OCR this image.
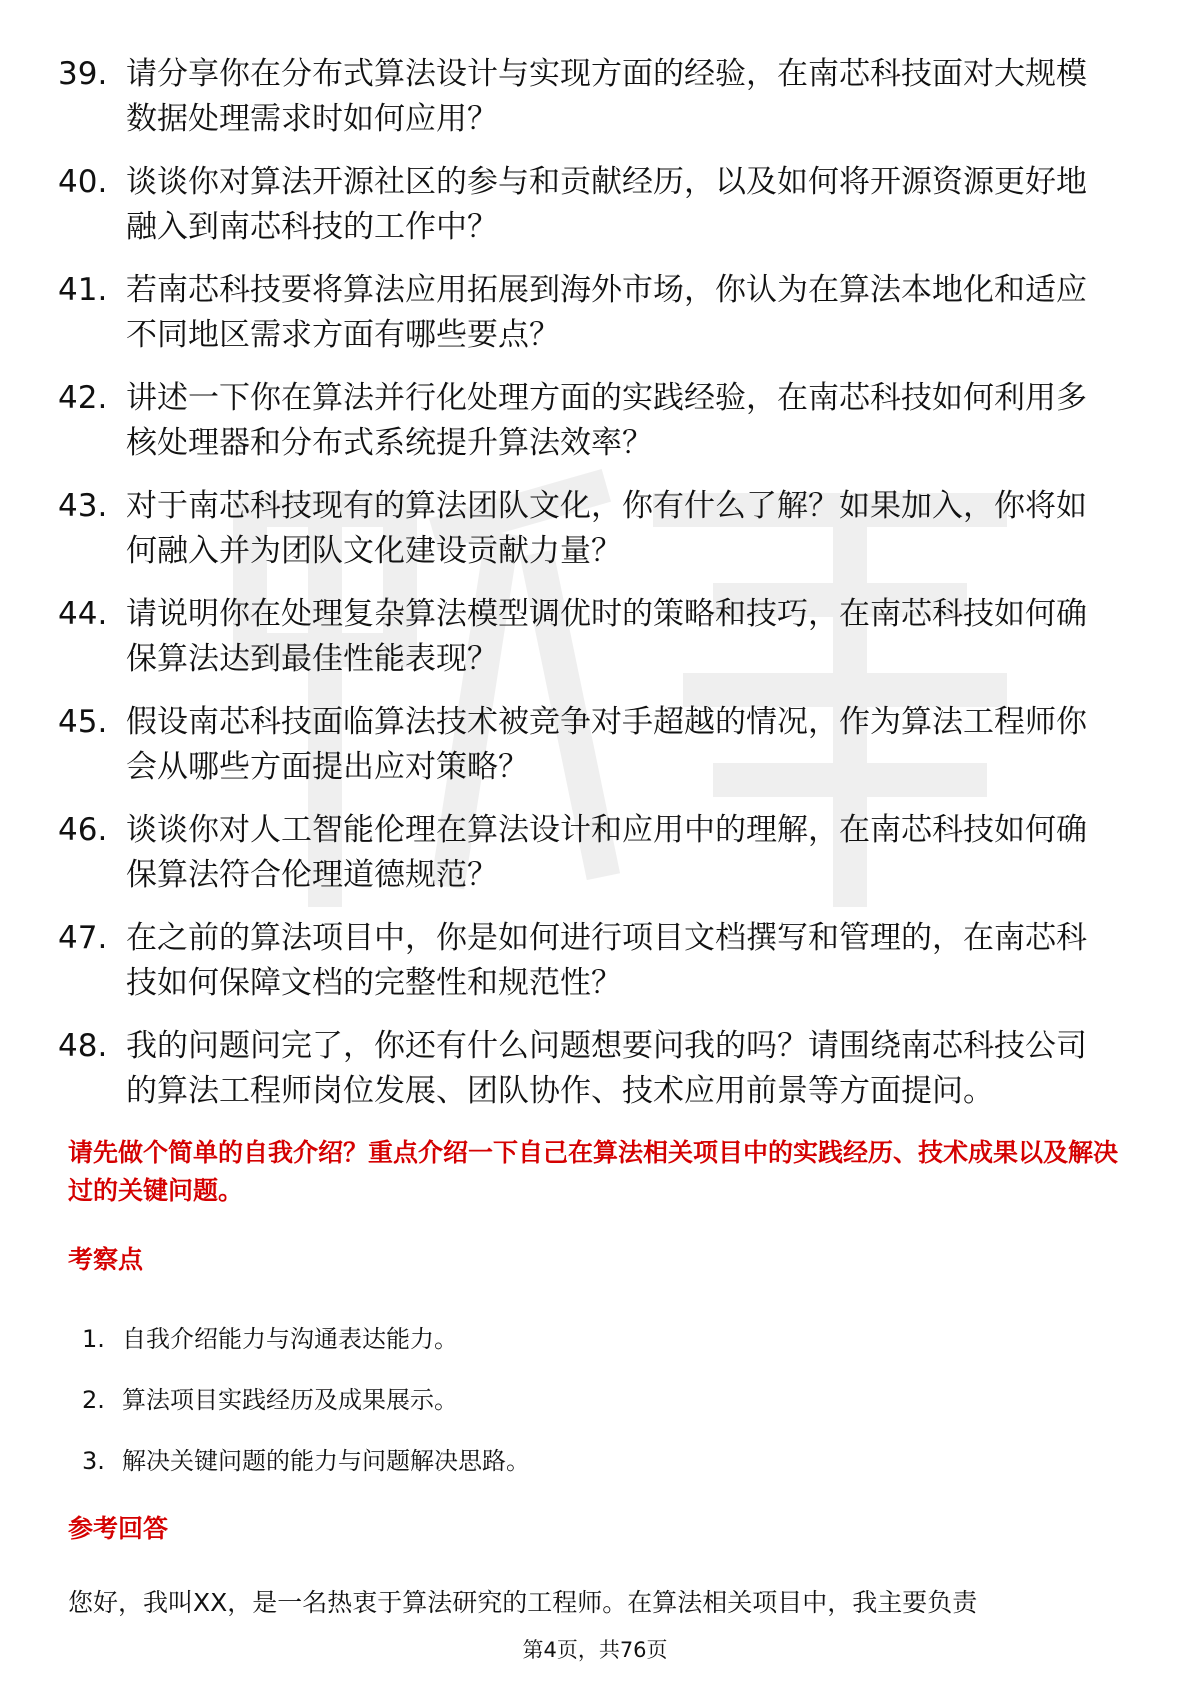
39. 请分享你在分布式算法设计与实现方面的经验，在南芯科技面对大规模数据处理需求时如何应用？
40. 谈谈你对算法开源社区的参与和贡献经历，以及如何将开源资源更好地融入到南芯科技的工作中？
41. 若南芯科技要将算法应用拓展到海外市场，你认为在算法本地化和适应不同地区需求方面有哪些要点？
42. 讲述一下你在算法并行化处理方面的实践经验，在南芯科技如何利用多核处理器和分布式系统提升算法效率？
43. 对于南芯科技现有的算法团队文化，你有什么了解？如果加入，你将如何融入并为团队文化建设贡献力量？
44. 请说明你在处理复杂算法模型调优时的策略和技巧，在南芯科技如何确保算法达到最佳性能表现？
45. 假设南芯科技面临算法技术被竞争对手超越的情况，作为算法工程师你会从哪些方面提出应对策略？
46. 谈谈你对人工智能伦理在算法设计和应用中的理解，在南芯科技如何确保算法符合伦理道德规范？
47. 在之前的算法项目中，你是如何进行项目文档撰写和管理的，在南芯科技如何保障文档的完整性和规范性？
48. 我的问题问完了，你还有什么问题想要问我的吗？请围绕南芯科技公司的算法工程师岗位发展、团队协作、技术应用前景等方面提问。
请先做个简单的自我介绍？重点介绍一下自己在算法相关项目中的实践经历、技术成果以及解决过的关键问题。
考察点
1. 自我介绍能力与沟通表达能力。
2. 算法项目实践经历及成果展示。
3. 解决关键问题的能力与问题解决思路。
参考回答
您好，我叫XX，是一名热衷于算法研究的工程师。在算法相关项目中，我主要负责
第4页，共76页
